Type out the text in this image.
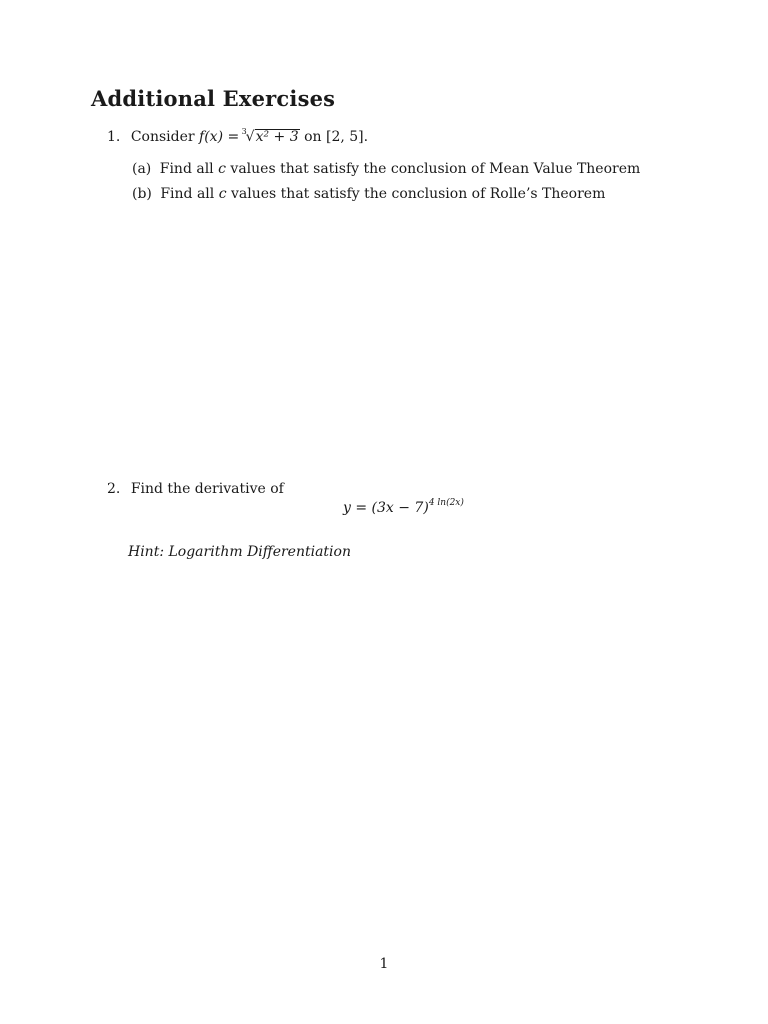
Additional Exercises
1. Consider f(x) = 3
√x² + 3 on [2, 5].
(a) Find all c values that satisfy the conclusion of Mean Value Theorem
(b) Find all c values that satisfy the conclusion of Rolle’s Theorem
2. Find the derivative of
$y = (3x - 7)^{4 ln(2x)}$
Hint: Logarithm Differentiation
1
